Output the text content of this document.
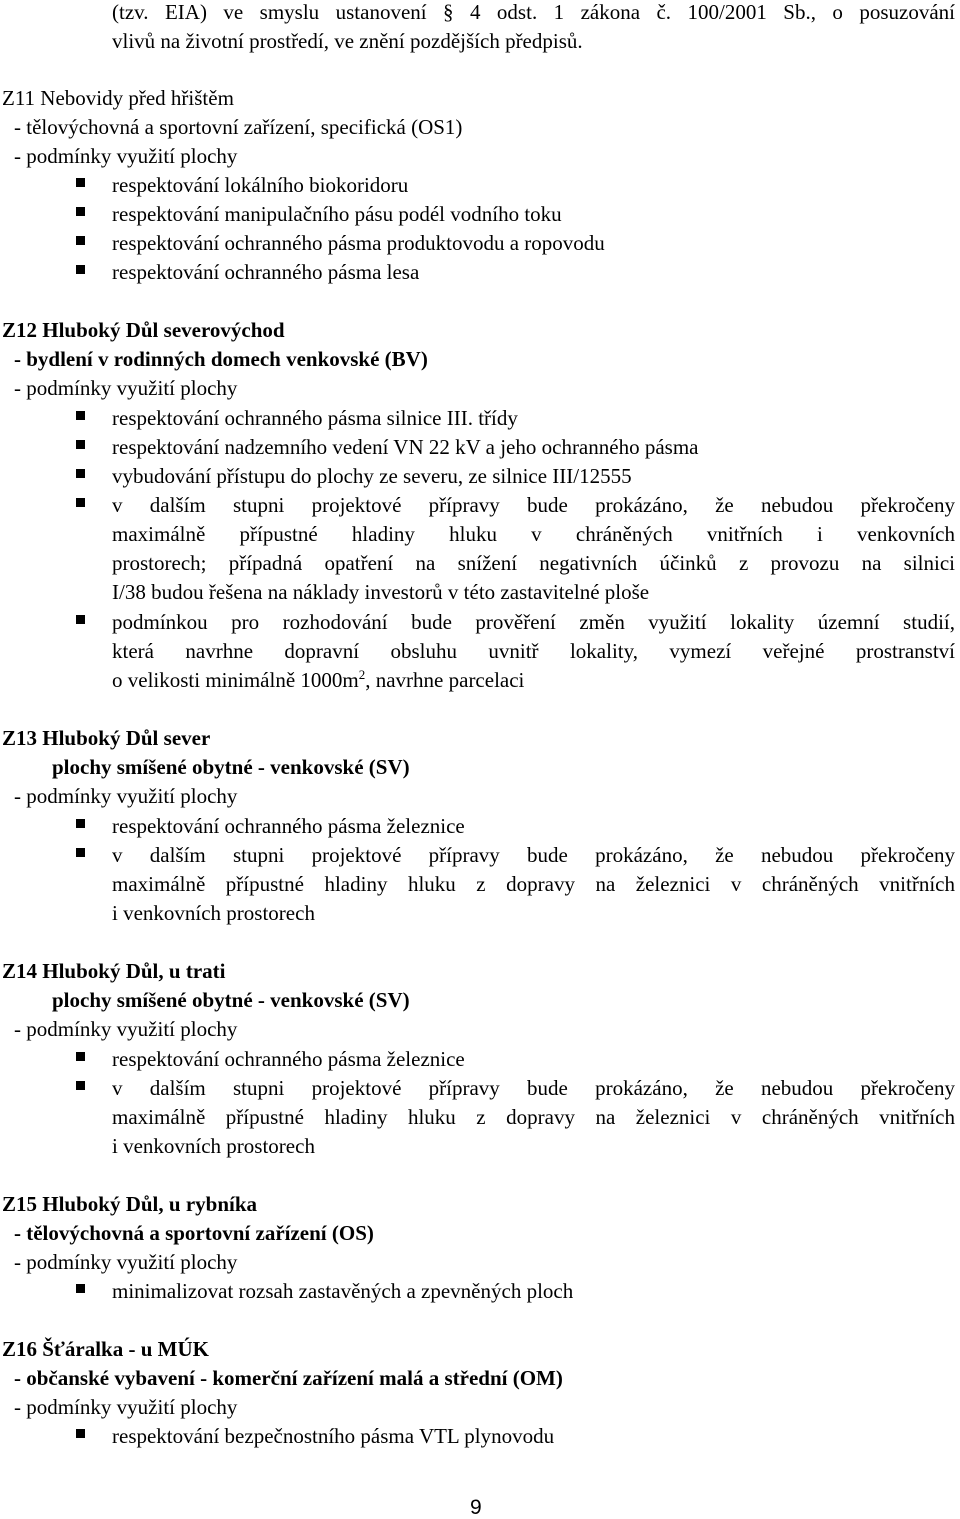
(tzv. EIA) ve smyslu ustanovení § 4 odst. 1 zákona č. 100/2001 Sb., o posuzování
vlivů na životní prostředí, ve znění pozdějších předpisů.
Z11 Nebovidy před hřištěm
- tělovýchovná a sportovní zařízení, specifická (OS1)
- podmínky využití plochy
respektování lokálního biokoridoru
respektování manipulačního pásu podél vodního toku
respektování ochranného pásma produktovodu a ropovodu
respektování ochranného pásma lesa
Z12 Hluboký Důl severovýchod
- bydlení v rodinných domech venkovské (BV)
- podmínky využití plochy
respektování ochranného pásma silnice III. třídy
respektování nadzemního vedení VN 22 kV a jeho ochranného pásma
vybudování přístupu do plochy ze severu, ze silnice III/12555
v dalším stupni projektové přípravy bude prokázáno, že nebudou překročeny
maximálně přípustné hladiny hluku v chráněných vnitřních i venkovních
prostorech; případná opatření na snížení negativních účinků z provozu na silnici
I/38 budou řešena na náklady investorů v této zastavitelné ploše
podmínkou pro rozhodování bude prověření změn využití lokality územní studií,
která navrhne dopravní obsluhu uvnitř lokality, vymezí veřejné prostranství
o velikosti minimálně $1000m^2$, navrhne parcelaci
Z13 Hluboký Důl sever
plochy smíšené obytné - venkovské (SV)
- podmínky využití plochy
respektování ochranného pásma železnice
v dalším stupni projektové přípravy bude prokázáno, že nebudou překročeny
maximálně přípustné hladiny hluku z dopravy na železnici v chráněných vnitřních
i venkovních prostorech
Z14 Hluboký Důl, u trati
plochy smíšené obytné - venkovské (SV)
- podmínky využití plochy
respektování ochranného pásma železnice
v dalším stupni projektové přípravy bude prokázáno, že nebudou překročeny
maximálně přípustné hladiny hluku z dopravy na železnici v chráněných vnitřních
i venkovních prostorech
Z15 Hluboký Důl, u rybníka
- tělovýchovná a sportovní zařízení (OS)
- podmínky využití plochy
minimalizovat rozsah zastavěných a zpevněných ploch
Z16 Šťáralka - u MÚK
- občanské vybavení - komerční zařízení malá a střední (OM)
- podmínky využití plochy
respektování bezpečnostního pásma VTL plynovodu
9
